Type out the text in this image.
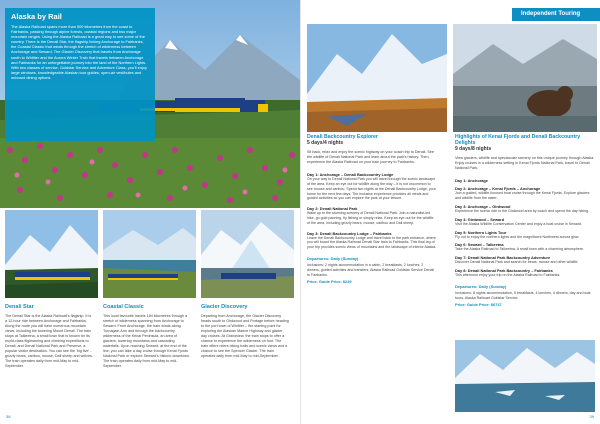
Alaska by Rail
The Alaska Railroad spans more than 500 kilometres from the coast to Fairbanks, passing through alpine forests, coastal regions and two major mountain ranges. Using the Alaska Railroad is a great way to see some of the country. There is the Denali Star, the flagship linking Anchorage to Fairbanks, the Coastal Classic that winds through the stretch of wilderness between Anchorage and Seward, The Glacier Discovery that travels from Anchorage south to Whittier and the Aurora Winter Train that travels between Anchorage and Fairbanks for an unforgettable journey into the land of the Northern Lights. With two classes of service, Goldstar Service and Adventure Class, you'll enjoy large windows, knowledgeable Alaskan tour guides, open-air vestibules and onboard dining options.
Denali Star
The Denali Star is the Alaska Railroad's flagship. It is a 12-hour ride between Anchorage and Fairbanks. Along the route you will have numerous mountain views, including the towering Mount Denali. The train stops at Talkeetna, a small town that is known for its world-class flightseeing and climbing expeditions to Denali, and Denali National Park and Preserve, a popular visitor destination. You can see the 'big five' - grizzly bears, caribou, moose, Dall sheep and wolves. The train operates daily from mid-May to mid-September.
Coastal Classic
This local favourite travels 184 kilometres through a stretch of wilderness spanning from Anchorage to Seward. From Anchorage, the train winds along Turnagain Arm and through the backcountry wilderness of the Kenai Peninsula, an area of glaciers, towering mountains and cascading waterfalls. Upon reaching Seward, at the end of the line, you can take a day cruise through Kenai Fjords National Park or explore Seward's historic downtown. The train operates daily from mid-May to mid-September.
Glacier Discovery
Departing from Anchorage, the Glacier Discovery heads south to Girdwood and Portage before heading to the port town of Whittier – the starting point for exploring the Alaskan Marine Highway and glacier day cruises. At Grandview, the train stops to offer a chance to experience the wilderness on foot. The train offers riders hiking trails and scenic views and a chance to see the Spencer Glacier. The train operates daily from mid-May to mid-September.
38
Independent Touring
Denali Backcountry Explorer
5 days/4 nights
Sit back, relax and enjoy the scenic highway on your coach trip to Denali. See the wildlife of Denali National Park and learn about the park's history. Then, experience the Alaska Railroad on your train journey to Fairbanks.
Day 1: Anchorage – Denali Backcountry Lodge
On your way to Denali National Park you will travel through the scenic landscape of the area. Keep an eye out for wildlife along the way – it is not uncommon to see moose and caribou. Spend two nights at the Denali Backcountry Lodge, your home for the next few days. The inclusive experience provides all meals and guided activities so you can explore the park at your leisure.
Day 2: Denali National Park
Wake up to the stunning scenery of Denali National Park. Join a naturalist-led hike, go gold panning, fly fishing or simply relax. Keep an eye out for the wildlife of the area, including grizzly bears, moose, caribou and Dall sheep.
Day 3: Denali Backcountry Lodge – Fairbanks
Leave the Denali Backcountry Lodge and travel back to the park entrance, where you will board the Alaska Railroad Denali Star train to Fairbanks. This final leg of your trip provides scenic views of mountains and the landscape of interior Alaska.
Departures: Daily (Sunday)
Inclusions: 2 nights accommodation in a cabin, 2 breakfasts, 2 lunches, 2 dinners, guided activities and transfers, Alaska Railroad Goldstar Service Denali to Fairbanks.
Price: Guide Price: $249
Highlights of Kenai Fjords and Denali Backcountry Delights
9 days/8 nights
View glaciers, wildlife and spectacular scenery on this unique journey through Alaska. Enjoy cruises in a wilderness setting in Kenai Fjords National Park, travel to Denali National Park.
Day 1: Anchorage
Day 2: Anchorage – Kenai Fjords – Anchorage
Join a guided, wildlife-focused boat cruise through the Kenai Fjords. Explore glaciers and wildlife from the water.
Day 3: Anchorage – Girdwood
Experience the scenic ride to the Girdwood area by coach and spend the day hiking.
Day 4: Girdwood – Seward
Visit the Alaska Wildlife Conservation Center and enjoy a boat cruise in Seward.
Day 5: Northern Lights Tour
Fly out to enjoy the northern lights and the magnificent Northwest aurora glow.
Day 6: Seward – Talkeetna
Take the Alaska Railroad to Talkeetna. A small town with a charming atmosphere.
Day 7: Denali National Park Backcountry Adventure
Discover Denali National Park and search for bears, moose and other wildlife.
Day 8: Denali National Park Backcountry – Fairbanks
This afternoon enjoy your trip on the Alaska Railroad to Fairbanks.
Departures: Daily (Sunday)
Inclusions: 8 nights accommodation, 5 breakfasts, 4 lunches, 4 dinners, day and boat tours, Alaska Railroad Goldstar Service.
Price: Guide Price: $6747
39
